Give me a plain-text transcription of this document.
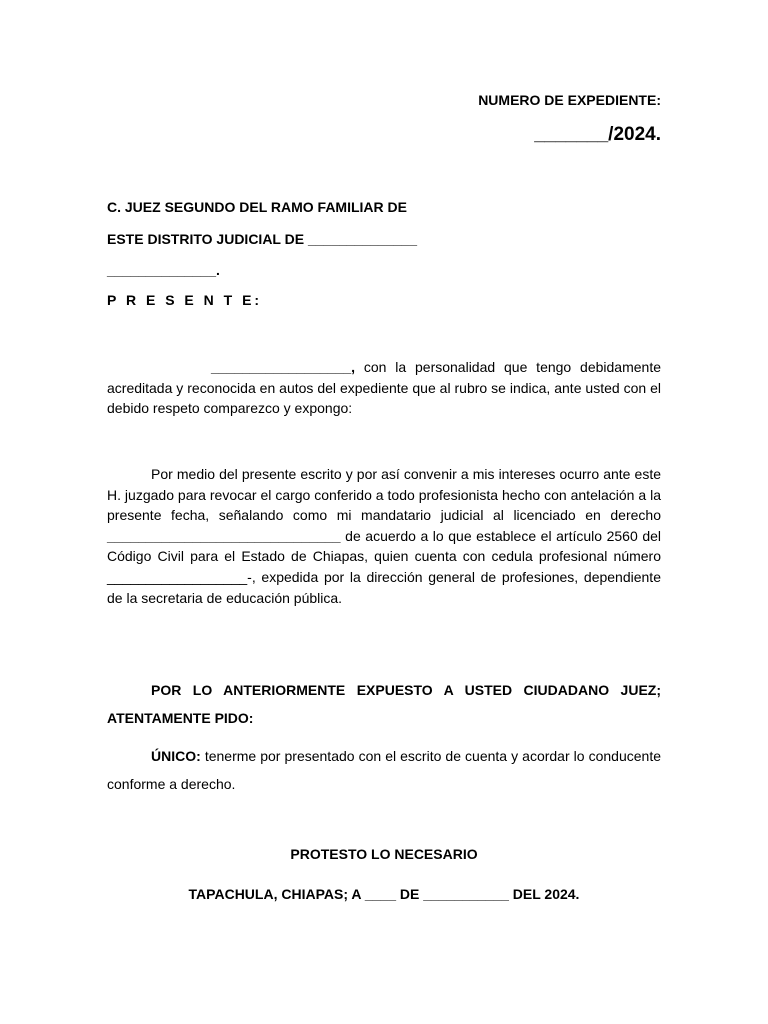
NUMERO DE EXPEDIENTE:
_______/2024.
C. JUEZ SEGUNDO DEL RAMO FAMILIAR DE
ESTE DISTRITO JUDICIAL DE ______________
______________.
P R E S E N T E:
__________________, con la personalidad que tengo debidamente acreditada y reconocida en autos del expediente que al rubro se indica, ante usted con el debido respeto comparezco y expongo:
Por medio del presente escrito y por así convenir a mis intereses ocurro ante este H. juzgado para revocar el cargo conferido a todo profesionista hecho con antelación a la presente fecha, señalando como mi mandatario judicial al licenciado en derecho ______________________________ de acuerdo a lo que establece el artículo 2560 del Código Civil para el Estado de Chiapas, quien cuenta con cedula profesional número __________________-, expedida por la dirección general de profesiones, dependiente de la secretaria de educación pública.
POR LO ANTERIORMENTE EXPUESTO A USTED CIUDADANO JUEZ; ATENTAMENTE PIDO:
ÚNICO: tenerme por presentado con el escrito de cuenta y acordar lo conducente conforme a derecho.
PROTESTO LO NECESARIO
TAPACHULA, CHIAPAS; A ____ DE ___________ DEL 2024.
